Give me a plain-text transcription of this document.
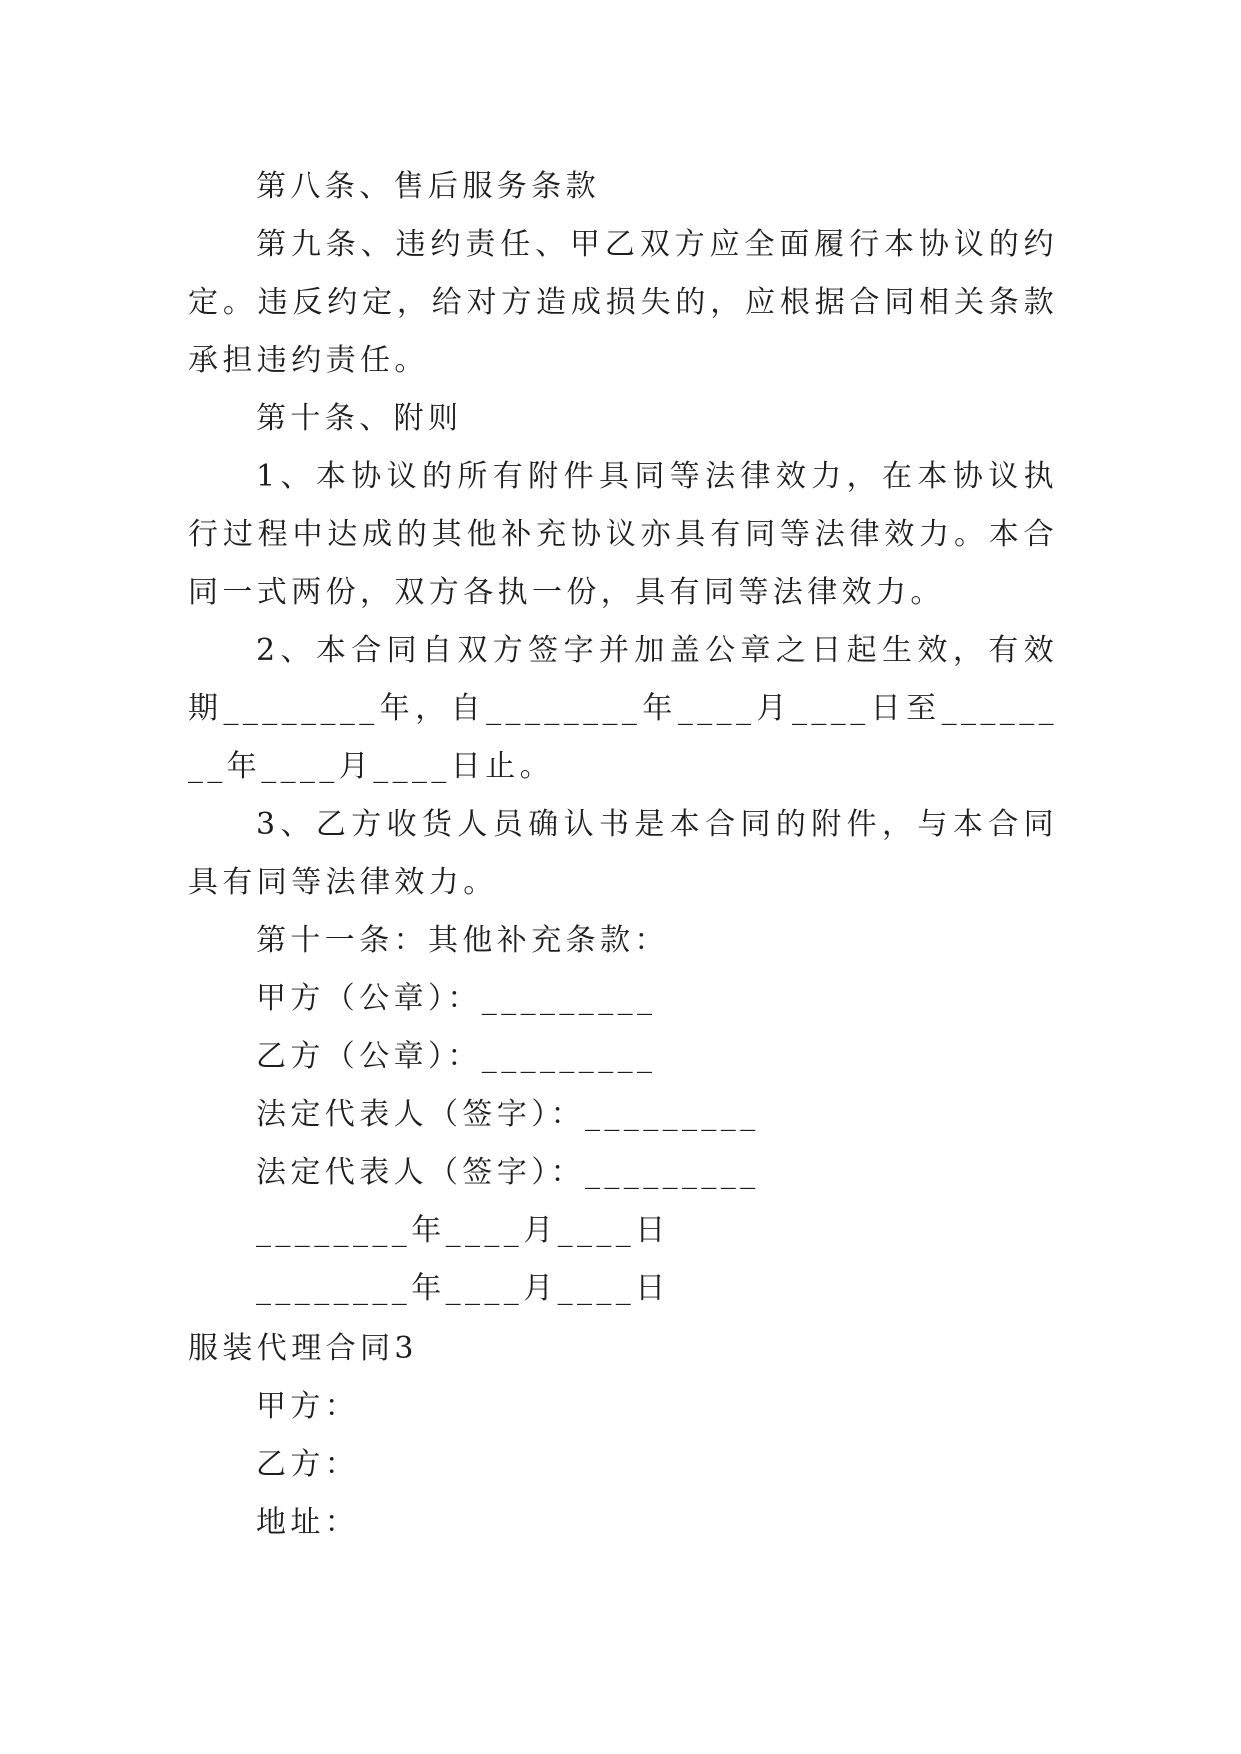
第八条、售后服务条款

第九条、违约责任、甲乙双方应全面履行本协议的约定。违反约定，给对方造成损失的，应根据合同相关条款承担违约责任。

第十条、附则

1、本协议的所有附件具同等法律效力，在本协议执行过程中达成的其他补充协议亦具有同等法律效力。本合同一式两份，双方各执一份，具有同等法律效力。

2、本合同自双方签字并加盖公章之日起生效，有效期________年，自________年____月____日至________年____月____日止。

3、乙方收货人员确认书是本合同的附件，与本合同具有同等法律效力。

第十一条：其他补充条款：

甲方（公章）：_________

乙方（公章）：_________

法定代表人（签字）：_________

法定代表人（签字）：_________

________年____月____日

________年____月____日

服装代理合同3

甲方：

乙方：

地址：
